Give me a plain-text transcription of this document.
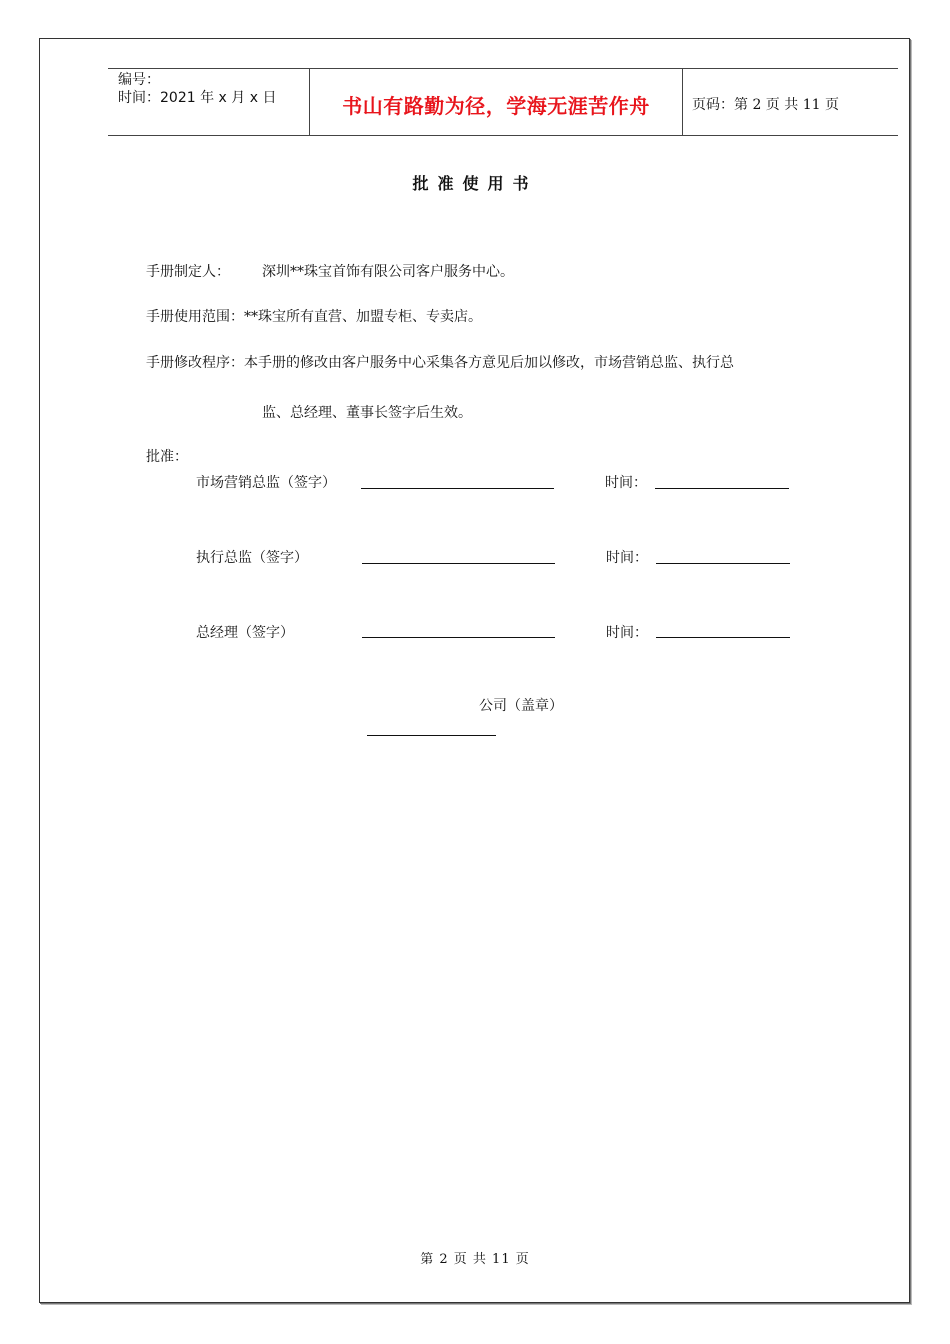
编号：
时间：2021 年 x 月 x 日	书山有路勤为径，学海无涯苦作舟	页码：第 2 页 共 11 页
批准使用书
手册制定人： 深圳**珠宝首饰有限公司客户服务中心。
手册使用范围：**珠宝所有直营、加盟专柜、专卖店。
手册修改程序：本手册的修改由客户服务中心采集各方意见后加以修改，市场营销总监、执行总
监、总经理、董事长签字后生效。
批准：
市场营销总监（签字）	时间：
执行总监（签字）	时间：
总经理（签字）	时间：
公司（盖章）
第 2 页 共 11 页
